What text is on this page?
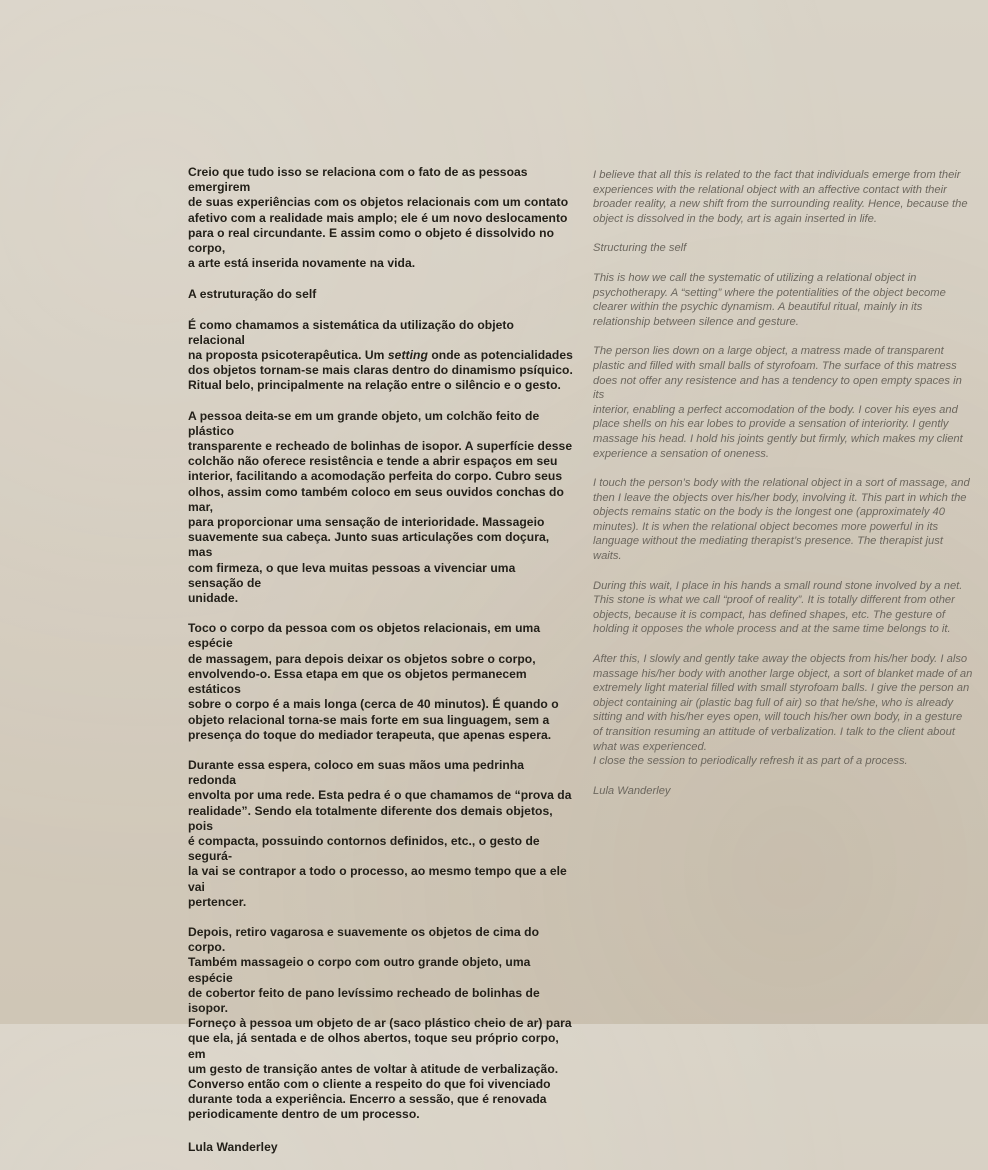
Creio que tudo isso se relaciona com o fato de as pessoas emergirem
de suas experiências com os objetos relacionais com um contato
afetivo com a realidade mais amplo; ele é um novo deslocamento
para o real circundante. E assim como o objeto é dissolvido no corpo,
a arte está inserida novamente na vida.

A estruturação do self

É como chamamos a sistemática da utilização do objeto relacional
na proposta psicoterapêutica. Um setting onde as potencialidades
dos objetos tornam-se mais claras dentro do dinamismo psíquico.
Ritual belo, principalmente na relação entre o silêncio e o gesto.

A pessoa deita-se em um grande objeto, um colchão feito de plástico
transparente e recheado de bolinhas de isopor. A superfície desse
colchão não oferece resistência e tende a abrir espaços em seu
interior, facilitando a acomodação perfeita do corpo. Cubro seus
olhos, assim como também coloco em seus ouvidos conchas do mar,
para proporcionar uma sensação de interioridade. Massageio
suavemente sua cabeça. Junto suas articulações com doçura, mas
com firmeza, o que leva muitas pessoas a vivenciar uma sensação de
unidade.

Toco o corpo da pessoa com os objetos relacionais, em uma espécie
de massagem, para depois deixar os objetos sobre o corpo,
envolvendo-o. Essa etapa em que os objetos permanecem estáticos
sobre o corpo é a mais longa (cerca de 40 minutos). É quando o
objeto relacional torna-se mais forte em sua linguagem, sem a
presença do toque do mediador terapeuta, que apenas espera.

Durante essa espera, coloco em suas mãos uma pedrinha redonda
envolta por uma rede. Esta pedra é o que chamamos de “prova da
realidade”. Sendo ela totalmente diferente dos demais objetos, pois
é compacta, possuindo contornos definidos, etc., o gesto de segurá-
la vai se contrapor a todo o processo, ao mesmo tempo que a ele vai
pertencer.

Depois, retiro vagarosa e suavemente os objetos de cima do corpo.
Também massageio o corpo com outro grande objeto, uma espécie
de cobertor feito de pano levíssimo recheado de bolinhas de isopor.
Forneço à pessoa um objeto de ar (saco plástico cheio de ar) para
que ela, já sentada e de olhos abertos, toque seu próprio corpo, em
um gesto de transição antes de voltar à atitude de verbalização.
Converso então com o cliente a respeito do que foi vivenciado
durante toda a experiência. Encerro a sessão, que é renovada
periodicamente dentro de um processo.

Lula Wanderley

I believe that all this is related to the fact that individuals emerge from their
experiences with the relational object with an affective contact with their
broader reality, a new shift from the surrounding reality. Hence, because the
object is dissolved in the body, art is again inserted in life.

Structuring the self

This is how we call the systematic of utilizing a relational object in
psychotherapy. A “setting” where the potentialities of the object become
clearer within the psychic dynamism. A beautiful ritual, mainly in its
relationship between silence and gesture.

The person lies down on a large object, a matress made of transparent
plastic and filled with small balls of styrofoam. The surface of this matress
does not offer any resistence and has a tendency to open empty spaces in its
interior, enabling a perfect accomodation of the body. I cover his eyes and
place shells on his ear lobes to provide a sensation of interiority. I gently
massage his head. I hold his joints gently but firmly, which makes my client
experience a sensation of oneness.

I touch the person’s body with the relational object in a sort of massage, and
then I leave the objects over his/her body, involving it. This part in which the
objects remains static on the body is the longest one (approximately 40
minutes). It is when the relational object becomes more powerful in its
language without the mediating therapist’s presence. The therapist just
waits.

During this wait, I place in his hands a small round stone involved by a net.
This stone is what we call “proof of reality”. It is totally different from other
objects, because it is compact, has defined shapes, etc. The gesture of
holding it opposes the whole process and at the same time belongs to it.

After this, I slowly and gently take away the objects from his/her body. I also
massage his/her body with another large object, a sort of blanket made of an
extremely light material filled with small styrofoam balls. I give the person an
object containing air (plastic bag full of air) so that he/she, who is already
sitting and with his/her eyes open, will touch his/her own body, in a gesture
of transition resuming an attitude of verbalization. I talk to the client about
what was experienced.
I close the session to periodically refresh it as part of a process.

Lula Wanderley
